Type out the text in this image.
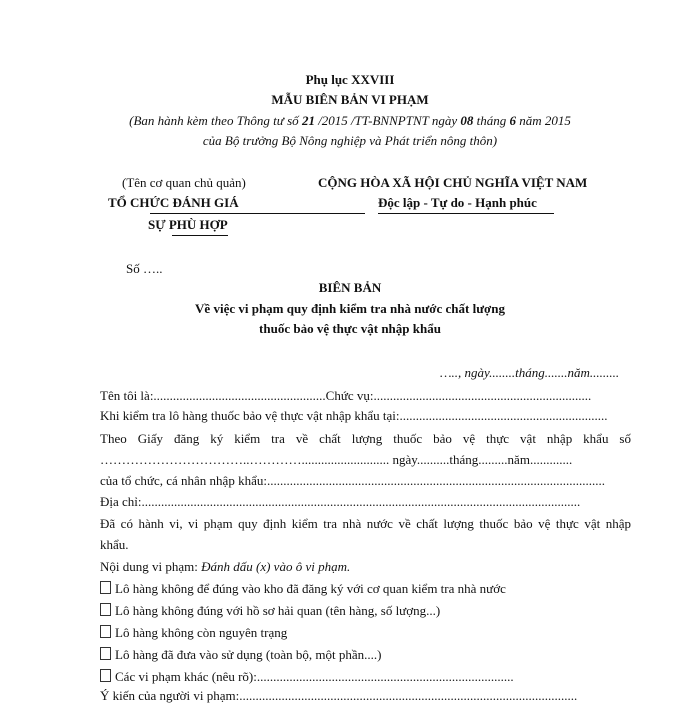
Phụ lục XXVIII
MẪU BIÊN BẢN VI PHẠM
(Ban hành kèm theo Thông tư số 21 /2015 /TT-BNNPTNT ngày 08 tháng 6 năm 2015
của Bộ trưởng Bộ Nông nghiệp và Phát triển nông thôn)
(Tên cơ quan chủ quản)
TỔ CHỨC ĐÁNH GIÁ
SỰ PHÙ HỢP
Số …..
CỘNG HÒA XÃ HỘI CHỦ NGHĨA VIỆT NAM
Độc lập - Tự do - Hạnh phúc
BIÊN BẢN
Về việc vi phạm quy định kiểm tra nhà nước chất lượng
thuốc bảo vệ thực vật nhập khẩu
….., ngày........tháng.......năm.........
Tên tôi là:.....................................................Chức vụ:...................................................................
Khi kiểm tra lô hàng thuốc bảo vệ thực vật nhập khẩu tại:................................................................
Theo Giấy đăng ký kiểm tra về chất lượng thuốc bảo vệ thực vật nhập khẩu số
……………………………..…………........................... ngày..........tháng.........năm.............
của tổ chức, cá nhân nhập khẩu:........................................................................................................
Địa chỉ:.......................................................................................................................................
Đã có hành vi, vi phạm quy định kiểm tra nhà nước về chất lượng thuốc bảo vệ thực vật nhập
khẩu.
Nội dung vi phạm: Đánh dấu (x) vào ô vi phạm.
Lô hàng không để đúng vào kho đã đăng ký với cơ quan kiểm tra nhà nước
Lô hàng không đúng với hồ sơ hải quan (tên hàng, số lượng...)
Lô hàng không còn nguyên trạng
Lô hàng đã đưa vào sử dụng (toàn bộ, một phần....)
Các vi phạm khác (nêu rõ):...............................................................................
Ý kiến của người vi phạm:........................................................................................................
